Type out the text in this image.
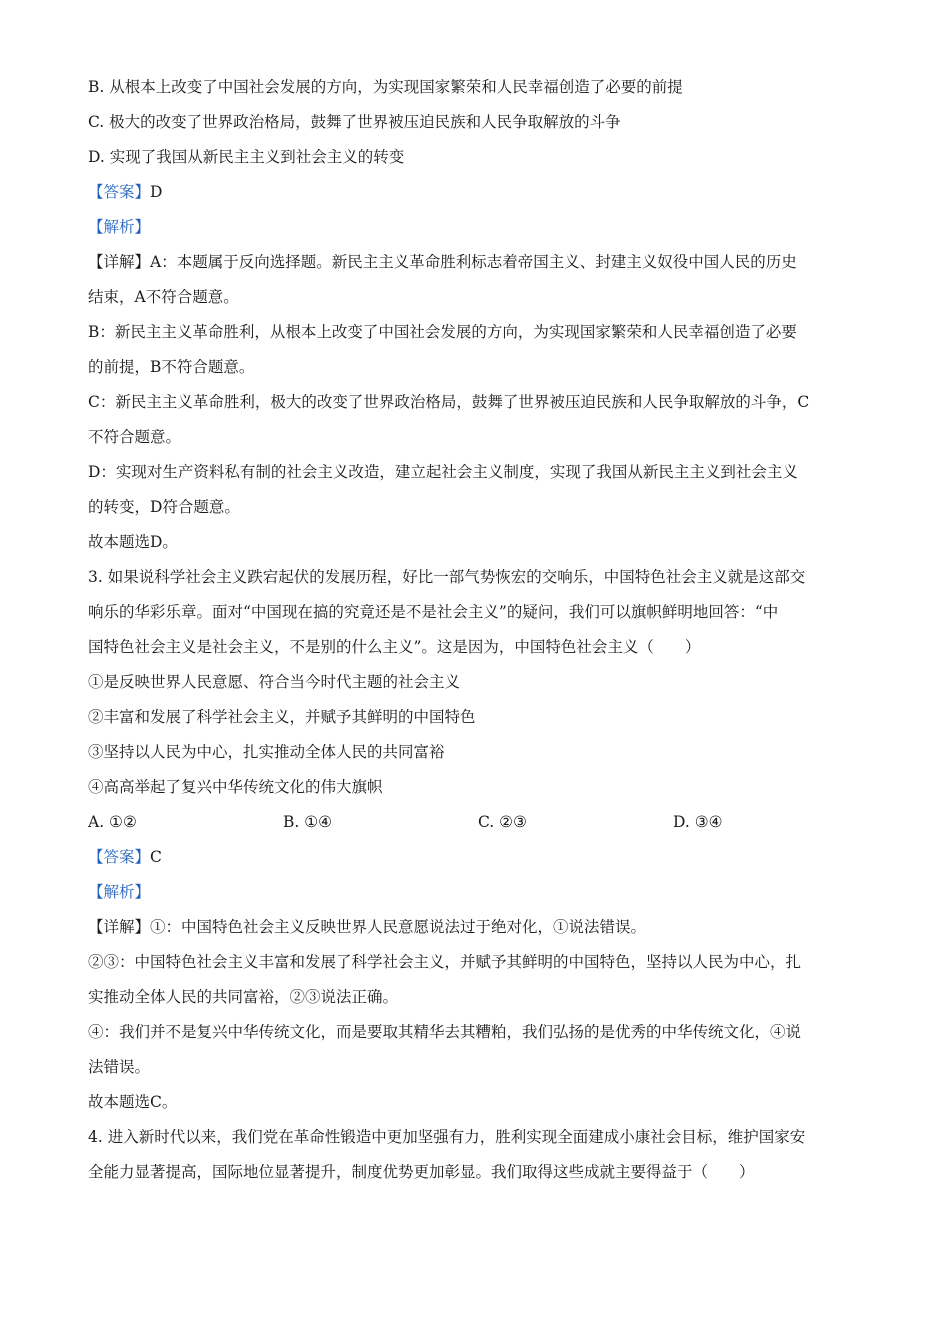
B. 从根本上改变了中国社会发展的方向，为实现国家繁荣和人民幸福创造了必要的前提
C. 极大的改变了世界政治格局，鼓舞了世界被压迫民族和人民争取解放的斗争
D. 实现了我国从新民主主义到社会主义的转变
【答案】D
【解析】
【详解】A：本题属于反向选择题。新民主主义革命胜利标志着帝国主义、封建主义奴役中国人民的历史
结束，A不符合题意。
B：新民主主义革命胜利，从根本上改变了中国社会发展的方向，为实现国家繁荣和人民幸福创造了必要
的前提，B不符合题意。
C：新民主主义革命胜利，极大的改变了世界政治格局，鼓舞了世界被压迫民族和人民争取解放的斗争，C
不符合题意。
D：实现对生产资料私有制的社会主义改造，建立起社会主义制度，实现了我国从新民主主义到社会主义
的转变，D符合题意。
故本题选D。
3. 如果说科学社会主义跌宕起伏的发展历程，好比一部气势恢宏的交响乐，中国特色社会主义就是这部交
响乐的华彩乐章。面对“中国现在搞的究竟还是不是社会主义”的疑问，我们可以旗帜鲜明地回答：“中
国特色社会主义是社会主义，不是别的什么主义”。这是因为，中国特色社会主义（　　）
①是反映世界人民意愿、符合当今时代主题的社会主义
②丰富和发展了科学社会主义，并赋予其鲜明的中国特色
③坚持以人民为中心，扎实推动全体人民的共同富裕
④高高举起了复兴中华传统文化的伟大旗帜
A. ①②	B. ①④	C. ②③	D. ③④
【答案】C
【解析】
【详解】①：中国特色社会主义反映世界人民意愿说法过于绝对化，①说法错误。
②③：中国特色社会主义丰富和发展了科学社会主义，并赋予其鲜明的中国特色，坚持以人民为中心，扎
实推动全体人民的共同富裕，②③说法正确。
④：我们并不是复兴中华传统文化，而是要取其精华去其糟粕，我们弘扬的是优秀的中华传统文化，④说
法错误。
故本题选C。
4. 进入新时代以来，我们党在革命性锻造中更加坚强有力，胜利实现全面建成小康社会目标，维护国家安
全能力显著提高，国际地位显著提升，制度优势更加彰显。我们取得这些成就主要得益于（　　）
